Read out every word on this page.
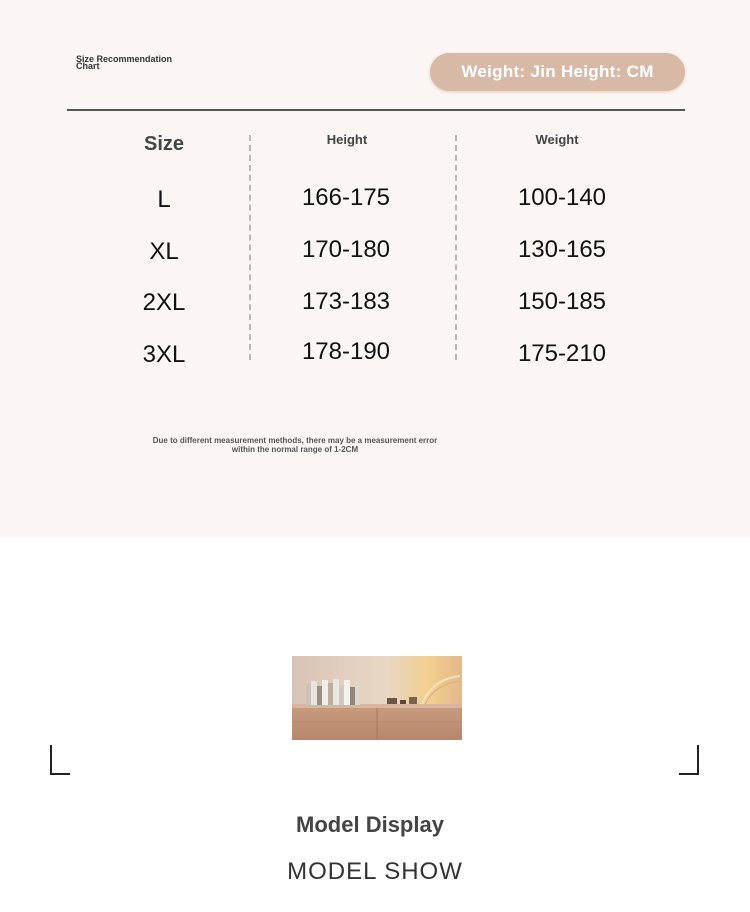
Size Recommendation Chart	Weight: Jin Height: CM
Size	Height	Weight
L	166-175	100-140
XL	170-180	130-165
2XL	173-183	150-185
3XL	178-190	175-210
Due to different measurement methods, there may be a measurement error within the normal range of 1-2CM
Model Display
MODEL SHOW
